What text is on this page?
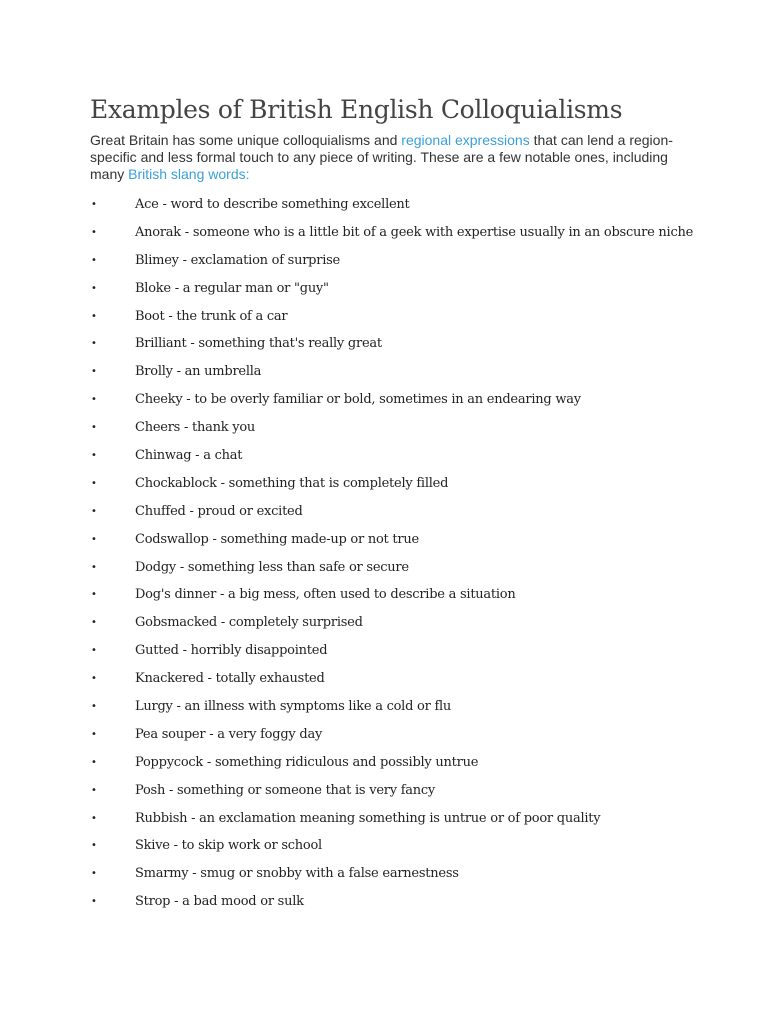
Examples of British English Colloquialisms

Great Britain has some unique colloquialisms and regional expressions that can lend a region-specific and less formal touch to any piece of writing. These are a few notable ones, including many British slang words:

•	Ace - word to describe something excellent
•	Anorak - someone who is a little bit of a geek with expertise usually in an obscure niche
•	Blimey - exclamation of surprise
•	Bloke - a regular man or "guy"
•	Boot - the trunk of a car
•	Brilliant - something that's really great
•	Brolly - an umbrella
•	Cheeky - to be overly familiar or bold, sometimes in an endearing way
•	Cheers - thank you
•	Chinwag - a chat
•	Chockablock - something that is completely filled
•	Chuffed - proud or excited
•	Codswallop - something made-up or not true
•	Dodgy - something less than safe or secure
•	Dog's dinner - a big mess, often used to describe a situation
•	Gobsmacked - completely surprised
•	Gutted - horribly disappointed
•	Knackered - totally exhausted
•	Lurgy - an illness with symptoms like a cold or flu
•	Pea souper - a very foggy day
•	Poppycock - something ridiculous and possibly untrue
•	Posh - something or someone that is very fancy
•	Rubbish - an exclamation meaning something is untrue or of poor quality
•	Skive - to skip work or school
•	Smarmy - smug or snobby with a false earnestness
•	Strop - a bad mood or sulk
